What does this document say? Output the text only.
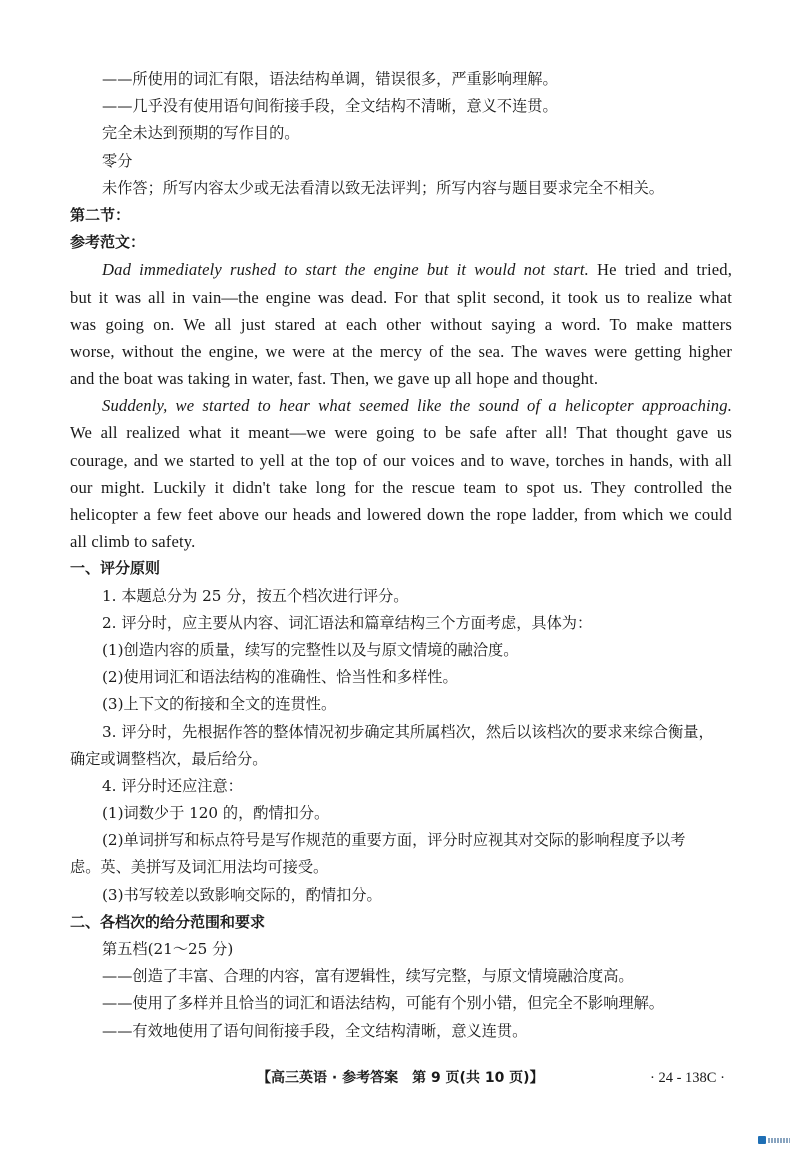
——所使用的词汇有限，语法结构单调，错误很多，严重影响理解。
——几乎没有使用语句间衔接手段，全文结构不清晰，意义不连贯。
完全未达到预期的写作目的。
零分
未作答；所写内容太少或无法看清以致无法评判；所写内容与题目要求完全不相关。
第二节：
参考范文：
Dad immediately rushed to start the engine but it would not start. He tried and tried,
but it was all in vain—the engine was dead. For that split second, it took us to realize what
was going on. We all just stared at each other without saying a word. To make matters
worse, without the engine, we were at the mercy of the sea. The waves were getting higher
and the boat was taking in water, fast. Then, we gave up all hope and thought.
Suddenly, we started to hear what seemed like the sound of a helicopter approaching.
We all realized what it meant—we were going to be safe after all! That thought gave us
courage, and we started to yell at the top of our voices and to wave, torches in hands, with all
our might. Luckily it didn't take long for the rescue team to spot us. They controlled the
helicopter a few feet above our heads and lowered down the rope ladder, from which we could
all climb to safety.
一、评分原则
1. 本题总分为 25 分，按五个档次进行评分。
2. 评分时，应主要从内容、词汇语法和篇章结构三个方面考虑，具体为：
(1)创造内容的质量，续写的完整性以及与原文情境的融洽度。
(2)使用词汇和语法结构的准确性、恰当性和多样性。
(3)上下文的衔接和全文的连贯性。
3. 评分时，先根据作答的整体情况初步确定其所属档次，然后以该档次的要求来综合衡量，
确定或调整档次，最后给分。
4. 评分时还应注意：
(1)词数少于 120 的，酌情扣分。
(2)单词拼写和标点符号是写作规范的重要方面，评分时应视其对交际的影响程度予以考
虑。英、美拼写及词汇用法均可接受。
(3)书写较差以致影响交际的，酌情扣分。
二、各档次的给分范围和要求
第五档(21～25 分)
——创造了丰富、合理的内容，富有逻辑性，续写完整，与原文情境融洽度高。
——使用了多样并且恰当的词汇和语法结构，可能有个别小错，但完全不影响理解。
——有效地使用了语句间衔接手段，全文结构清晰，意义连贯。
【高三英语 · 参考答案　第 9 页(共 10 页)】	· 24 - 138C ·
